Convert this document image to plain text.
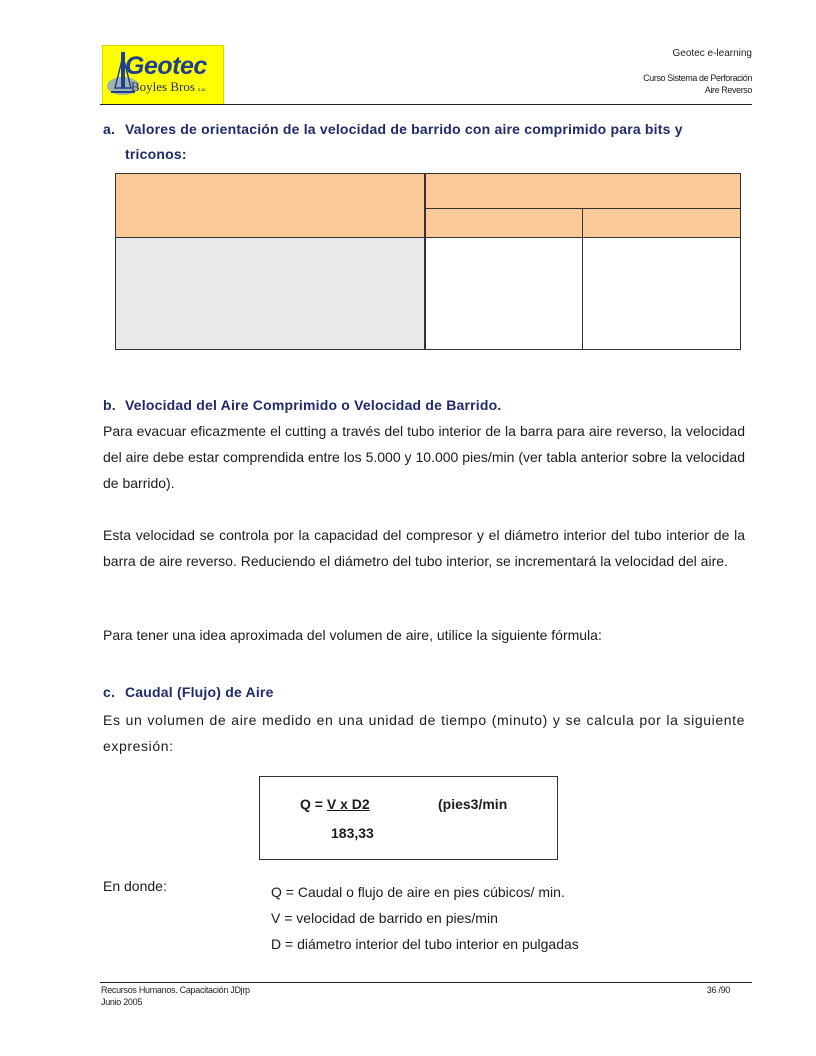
Geotec
Boyles Bros s.a.
Geotec e-learning
Curso Sistema de Perforación
Aire Reverso
a. Valores de orientación de la velocidad de barrido con aire comprimido para bits y
triconos:
b. Velocidad del Aire Comprimido o Velocidad de Barrido.
Para evacuar eficazmente el cutting a través del tubo interior de la barra para aire reverso, la velocidad del aire debe estar comprendida entre los 5.000 y 10.000 pies/min (ver tabla anterior sobre la velocidad de barrido).
Esta velocidad se controla por la capacidad del compresor y el diámetro interior del tubo interior de la barra de aire reverso. Reduciendo el diámetro del tubo interior, se incrementará la velocidad del aire.
Para tener una idea aproximada del volumen de aire, utilice la siguiente fórmula:
c. Caudal (Flujo) de Aire
Es un volumen de aire medido en una unidad de tiempo (minuto) y se calcula por la siguiente expresión:
Q = V x D2	(pies3/min
183,33
En donde:	Q = Caudal o flujo de aire en pies cúbicos/ min.
V = velocidad de barrido en pies/min
D = diámetro interior del tubo interior en pulgadas
Recursos Humanos. Capacitación JDjrp
Junio 2005
36 /90
